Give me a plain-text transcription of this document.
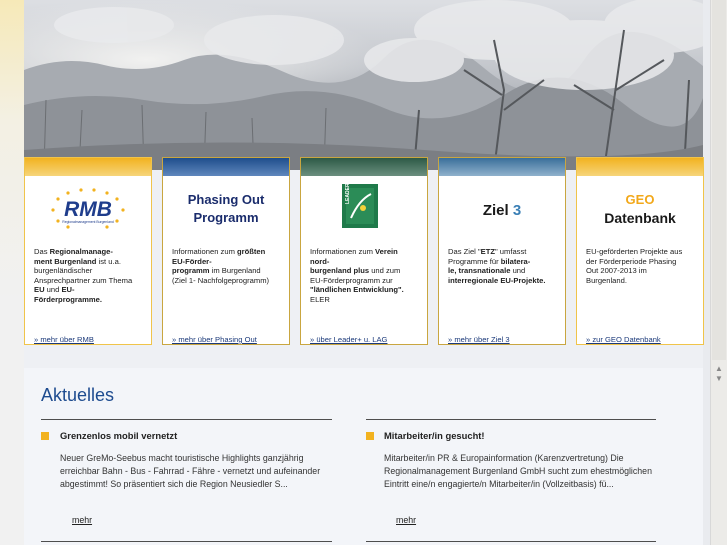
RMB
Regionalmanagement Burgenland
Das Regionalmanage-
ment Burgenland ist u.a.
burgenländischer
Ansprechpartner zum Thema
EU und EU-
Förderprogramme.
» mehr über RMB
Phasing Out
Programm
Informationen zum größten
EU-Förder-
programm im Burgenland
(Ziel 1- Nachfolgeprogramm)
» mehr über Phasing Out
LEADER
Informationen zum Verein
nord-
burgenland plus und zum
EU-Förderprogramm zur
"ländlichen Entwicklung".
ELER
» über Leader+ u. LAG
Ziel 3
Das Ziel "ETZ" umfasst
Programme für bilatera-
le, transnationale und
interregionale EU-Projekte.
» mehr über Ziel 3
GEO
Datenbank
EU-geförderten Projekte aus
der Förderperiode Phasing
Out 2007-2013 im
Burgenland.
» zur GEO Datenbank
Aktuelles
Grenzenlos mobil vernetzt
Neuer GreMo-Seebus macht touristische Highlights ganzjährig erreichbar Bahn - Bus - Fahrrad - Fähre - vernetzt und aufeinander abgestimmt! So präsentiert sich die Region Neusiedler S...
mehr
Mitarbeiter/in gesucht!
Mitarbeiter/in PR & Europainformation (Karenzvertretung) Die Regionalmanagement Burgenland GmbH sucht zum ehestmöglichen Eintritt eine/n engagierte/n Mitarbeiter/in (Vollzeitbasis) fü...
mehr
▲
▼
